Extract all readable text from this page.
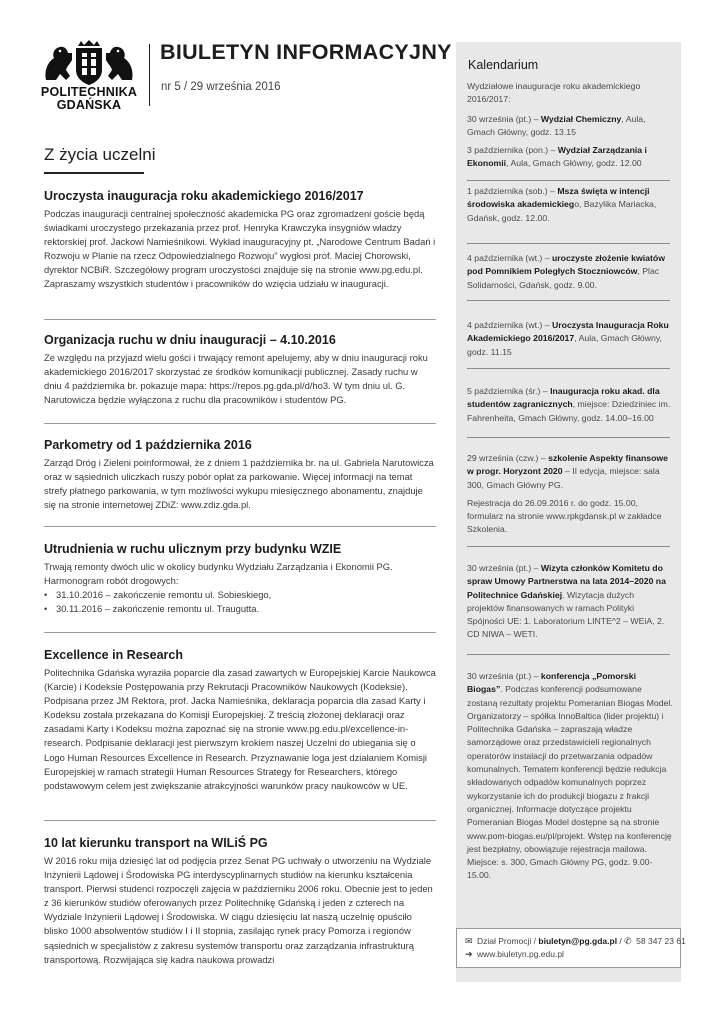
POLITECHNIKA
GDAŃSKA
BIULETYN INFORMACYJNY
nr 5 / 29 września 2016
Z życia uczelni
Uroczysta inauguracja roku akademickiego 2016/2017

Podczas inauguracji centralnej społeczność akademicka PG oraz zgromadzeni goście będą świadkami uroczystego przekazania przez prof. Henryka Krawczyka insygniów władzy rektorskiej prof. Jackowi Namieśnikowi. Wykład inauguracyjny pt. „Narodowe Centrum Badań i Rozwoju w Planie na rzecz Odpowiedzialnego Rozwoju” wygłosi prof. Maciej Chorowski, dyrektor NCBiR. Szczegółowy program uroczystości znajduje się na stronie www.pg.edu.pl.

Zapraszamy wszystkich studentów i pracowników do wzięcia udziału w inauguracji.

Organizacja ruchu w dniu inauguracji – 4.10.2016

Ze względu na przyjazd wielu gości i trwający remont apelujemy, aby w dniu inauguracji roku akademickiego 2016/2017 skorzystać ze środków komunikacji publicznej. Zasady ruchu w dniu 4 października br. pokazuje mapa: https://repos.pg.gda.pl/d/ho3. W tym dniu ul. G. Narutowicza będzie wyłączona z ruchu dla pracowników i studentów PG.

Parkometry od 1 października 2016

Zarząd Dróg i Zieleni poinformował, że z dniem 1 października br. na ul. Gabriela Narutowicza oraz w sąsiednich uliczkach ruszy pobór opłat za parkowanie. Więcej informacji na temat strefy płatnego parkowania, w tym możliwości wykupu miesięcznego abonamentu, znajduje się na stronie internetowej ZDiZ: www.zdiz.gda.pl.

Utrudnienia w ruchu ulicznym przy budynku WZIE

Trwają remonty dwóch ulic w okolicy budynku Wydziału Zarządzania i Ekonomii PG. Harmonogram robót drogowych:

• 31.10.2016 – zakończenie remontu ul. Sobieskiego,
• 30.11.2016 – zakończenie remontu ul. Traugutta.
Excellence in Research

Politechnika Gdańska wyraziła poparcie dla zasad zawartych w Europejskiej Karcie Naukowca (Karcie) i Kodeksie Postępowania przy Rekrutacji Pracowników Naukowych (Kodeksie). Podpisana przez JM Rektora, prof. Jacka Namieśnika, deklaracja poparcia dla zasad Karty i Kodeksu została przekazana do Komisji Europejskiej. Z treścią złożonej deklaracji oraz zasadami Karty i Kodeksu można zapoznać się na stronie www.pg.edu.pl/excellence-in-research. Podpisanie deklaracji jest pierwszym krokiem naszej Uczelni do ubiegania się o Logo Human Resources Excellence in Research. Przyznawanie loga jest działaniem Komisji Europejskiej w ramach strategii Human Resources Strategy for Researchers, którego podstawowym celem jest zwiększanie atrakcyjności warunków pracy naukowców w UE.

10 lat kierunku transport na WILiŚ PG

W 2016 roku mija dziesięć lat od podjęcia przez Senat PG uchwały o utworzeniu na Wydziale Inżynierii Lądowej i Środowiska PG interdyscyplinarnych studiów na kierunku kształcenia transport. Pierwsi studenci rozpoczęli zajęcia w październiku 2006 roku. Obecnie jest to jeden z 36 kierunków studiów oferowanych przez Politechnikę Gdańską i jeden z czterech na Wydziale Inżynierii Lądowej i Środowiska. W ciągu dziesięciu lat naszą uczelnię opuściło blisko 1000 absolwentów studiów I i II stopnia, zasilając rynek pracy Pomorza i regionów sąsiednich w specjalistów z zakresu systemów transportu oraz zarządzania infrastrukturą transportową. Rozwijająca się kadra naukowa prowadzi

Kalendarium

Wydziałowe inauguracje roku akademickiego 2016/2017:

30 września (pt.) – Wydział Chemiczny, Aula, Gmach Główny, godz. 13.15

3 października (pon.) – Wydział Zarządzania i Ekonomii, Aula, Gmach Główny, godz. 12.00

1 października (sob.) – Msza święta w intencji środowiska akademickiego, Bazylika Mariacka, Gdańsk, godz. 12.00.

4 października (wt.) – uroczyste złożenie kwiatów pod Pomnikiem Poległych Stoczniowców, Plac Solidarności, Gdańsk, godz. 9.00.

4 października (wt.) – Uroczysta Inauguracja Roku Akademickiego 2016/2017, Aula, Gmach Główny, godz. 11.15

5 października (śr.) – Inauguracja roku akad. dla studentów zagranicznych, miejsce: Dziedziniec im. Fahrenheita, Gmach Główny, godz. 14.00–16.00

29 września (czw.) – szkolenie Aspekty finansowe w progr. Horyzont 2020 – II edycja, miejsce: sala 300, Gmach Główny PG.

Rejestracja do 26.09.2016 r. do godz. 15.00, formularz na stronie www.rpkgdansk.pl w zakładce Szkolenia.

30 września (pt.) – Wizyta członków Komitetu do spraw Umowy Partnerstwa na lata 2014–2020 na Politechnice Gdańskiej. Wizytacja dużych projektów finansowanych w ramach Polityki Spójności UE: 1. Laboratorium LINTE^2 – WEiA, 2. CD NIWA – WETI.

30 września (pt.) – konferencja „Pomorski Biogas”. Podczas konferencji podsumowane zostaną rezultaty projektu Pomeranian Biogas Model. Organizatorzy – spółka InnoBaltica (lider projektu) i Politechnika Gdańska – zapraszają władze samorządowe oraz przedstawicieli regionalnych operatorów instalacji do przetwarzania odpadów komunalnych. Tematem konferencji będzie redukcja składowanych odpadów komunalnych poprzez wykorzystanie ich do produkcji biogazu z frakcji organicznej. Informacje dotyczące projektu Pomeranian Biogas Model dostępne są na stronie www.pom-biogas.eu/pl/projekt. Wstęp na konferencję jest bezpłatny, obowiązuje rejestracja mailowa. Miejsce: s. 300, Gmach Główny PG, godz. 9.00-15.00.

✉ Dział Promocji / biuletyn@pg.gda.pl / ✆ 58 347 23 61
➔ www.biuletyn.pg.edu.pl
